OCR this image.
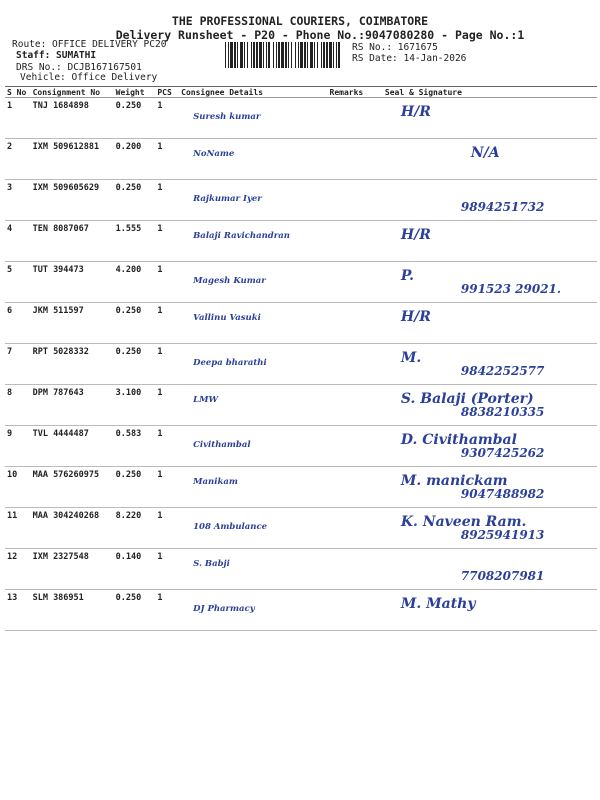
THE PROFESSIONAL COURIERS, COIMBATORE
Delivery Runsheet - P20 - Phone No.:9047080280 - Page No.:1
Route: OFFICE DELIVERY PC20
Staff: SUMATHI
DRS No.: DCJB167167501
Vehicle: Office Delivery
RS No.: 1671675
RS Date: 14-Jan-2026
S No	Consignment No	Weight	PCS	Consignee Details	Remarks	Seal & Signature
1	TNJ 1684898	0.250	1	Suresh kumar		H/R

2	IXM 509612881	0.200	1	NoName		N/A

3	IXM 509605629	0.250	1	Rajkumar Iyer		9894251732

4	TEN 8087067	1.555	1	Balaji Ravichandran		H/R

5	TUT 394473	4.200	1	Magesh Kumar		P.
991523 29021.

6	JKM 511597	0.250	1	Vallinu Vasuki		H/R

7	RPT 5028332	0.250	1	Deepa bharathi		M.
9842252577

8	DPM 787643	3.100	1	LMW		S. Balaji (Porter)
8838210335

9	TVL 4444487	0.583	1	Civithambal		D. Civithambal
9307425262

10	MAA 576260975	0.250	1	Manikam		M. manickam
9047488982

11	MAA 304240268	8.220	1	108 Ambulance		K. Naveen Ram.
8925941913

12	IXM 2327548	0.140	1	S. Babji		7708207981

13	SLM 386951	0.250	1	DJ Pharmacy		M. Mathy
